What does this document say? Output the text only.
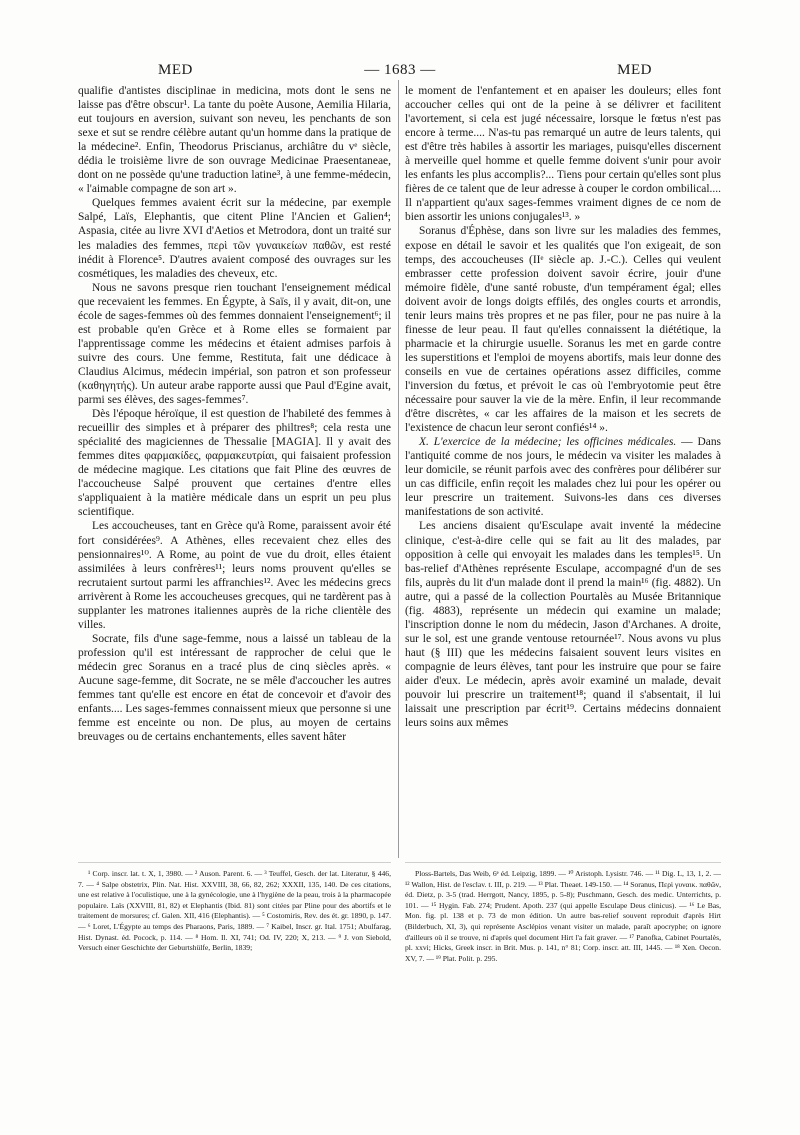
MED	— 1683 —	MED

qualifie d'antistes disciplinae in medicina, mots dont le sens ne laisse pas d'être obscur¹. La tante du poète Ausone, Aemilia Hilaria, eut toujours en aversion, suivant son neveu, les penchants de son sexe et sut se rendre célèbre autant qu'un homme dans la pratique de la médecine². Enfin, Theodorus Priscianus, archiâtre du vᵉ siècle, dédia le troisième livre de son ouvrage Medicinae Praesentaneae, dont on ne possède qu'une traduction latine³, à une femme-médecin, « l'aimable compagne de son art ».

Quelques femmes avaient écrit sur la médecine, par exemple Salpé, Laïs, Elephantis, que citent Pline l'Ancien et Galien⁴; Aspasia, citée au livre XVI d'Aetios et Metrodora, dont un traité sur les maladies des femmes, περὶ τῶν γυναικείων παθῶν, est resté inédit à Florence⁵. D'autres avaient composé des ouvrages sur les cosmétiques, les maladies des cheveux, etc.

Nous ne savons presque rien touchant l'enseignement médical que recevaient les femmes. En Égypte, à Saïs, il y avait, dit-on, une école de sages-femmes où des femmes donnaient l'enseignement⁶; il est probable qu'en Grèce et à Rome elles se formaient par l'apprentissage comme les médecins et étaient admises parfois à suivre des cours. Une femme, Restituta, fait une dédicace à Claudius Alcimus, médecin impérial, son patron et son professeur (καθηγητής). Un auteur arabe rapporte aussi que Paul d'Egine avait, parmi ses élèves, des sages-femmes⁷.

Dès l'époque héroïque, il est question de l'habileté des femmes à recueillir des simples et à préparer des philtres⁸; cela resta une spécialité des magiciennes de Thessalie [MAGIA]. Il y avait des femmes dites φαρμακίδες, φαρμακευτρίαι, qui faisaient profession de médecine magique. Les citations que fait Pline des œuvres de l'accoucheuse Salpé prouvent que certaines d'entre elles s'appliquaient à la matière médicale dans un esprit un peu plus scientifique.

Les accoucheuses, tant en Grèce qu'à Rome, paraissent avoir été fort considérées⁹. A Athènes, elles recevaient chez elles des pensionnaires¹⁰. A Rome, au point de vue du droit, elles étaient assimilées à leurs confrères¹¹; leurs noms prouvent qu'elles se recrutaient surtout parmi les affranchies¹². Avec les médecins grecs arrivèrent à Rome les accoucheuses grecques, qui ne tardèrent pas à supplanter les matrones italiennes auprès de la riche clientèle des villes.

Socrate, fils d'une sage-femme, nous a laissé un tableau de la profession qu'il est intéressant de rapprocher de celui que le médecin grec Soranus en a tracé plus de cinq siècles après. « Aucune sage-femme, dit Socrate, ne se mêle d'accoucher les autres femmes tant qu'elle est encore en état de concevoir et d'avoir des enfants.... Les sages-femmes connaissent mieux que personne si une femme est enceinte ou non. De plus, au moyen de certains breuvages ou de certains enchantements, elles savent hâter

le moment de l'enfantement et en apaiser les douleurs; elles font accoucher celles qui ont de la peine à se délivrer et facilitent l'avortement, si cela est jugé nécessaire, lorsque le fœtus n'est pas encore à terme.... N'as-tu pas remarqué un autre de leurs talents, qui est d'être très habiles à assortir les mariages, puisqu'elles discernent à merveille quel homme et quelle femme doivent s'unir pour avoir les enfants les plus accomplis?... Tiens pour certain qu'elles sont plus fières de ce talent que de leur adresse à couper le cordon ombilical.... Il n'appartient qu'aux sages-femmes vraiment dignes de ce nom de bien assortir les unions conjugales¹³. »

Soranus d'Éphèse, dans son livre sur les maladies des femmes, expose en détail le savoir et les qualités que l'on exigeait, de son temps, des accoucheuses (IIᵉ siècle ap. J.-C.). Celles qui veulent embrasser cette profession doivent savoir écrire, jouir d'une mémoire fidèle, d'une santé robuste, d'un tempérament égal; elles doivent avoir de longs doigts effilés, des ongles courts et arrondis, tenir leurs mains très propres et ne pas filer, pour ne pas nuire à la finesse de leur peau. Il faut qu'elles connaissent la diététique, la pharmacie et la chirurgie usuelle. Soranus les met en garde contre les superstitions et l'emploi de moyens abortifs, mais leur donne des conseils en vue de certaines opérations assez difficiles, comme l'inversion du fœtus, et prévoit le cas où l'embryotomie peut être nécessaire pour sauver la vie de la mère. Enfin, il leur recommande d'être discrètes, « car les affaires de la maison et les secrets de l'existence de chacun leur seront confiés¹⁴ ».

X. L'exercice de la médecine; les officines médicales. — Dans l'antiquité comme de nos jours, le médecin va visiter les malades à leur domicile, se réunit parfois avec des confrères pour délibérer sur un cas difficile, enfin reçoit les malades chez lui pour les opérer ou leur prescrire un traitement. Suivons-les dans ces diverses manifestations de son activité.

Les anciens disaient qu'Esculape avait inventé la médecine clinique, c'est-à-dire celle qui se fait au lit des malades, par opposition à celle qui envoyait les malades dans les temples¹⁵. Un bas-relief d'Athènes représente Esculape, accompagné d'un de ses fils, auprès du lit d'un malade dont il prend la main¹⁶ (fig. 4882). Un autre, qui a passé de la collection Pourtalès au Musée Britannique (fig. 4883), représente un médecin qui examine un malade; l'inscription donne le nom du médecin, Jason d'Archanes. A droite, sur le sol, est une grande ventouse retournée¹⁷. Nous avons vu plus haut (§ III) que les médecins faisaient souvent leurs visites en compagnie de leurs élèves, tant pour les instruire que pour se faire aider d'eux. Le médecin, après avoir examiné un malade, devait pouvoir lui prescrire un traitement¹⁸; quand il s'absentait, il lui laissait une prescription par écrit¹⁹. Certains médecins donnaient leurs soins aux mêmes

¹ Corp. inscr. lat. t. X, 1, 3980. — ² Auson. Parent. 6. — ³ Teuffel, Gesch. der lat. Literatur, § 446, 7. — ⁴ Salpe obstetrix, Plin. Nat. Hist. XXVIII, 38, 66, 82, 262; XXXII, 135, 140. De ces citations, une est relative à l'oculistique, une à la gynécologie, une à l'hygiène de la peau, trois à la pharmacopée populaire. Laïs (XXVIII, 81, 82) et Elephantis (Ibid. 81) sont citées par Pline pour des abortifs et le traitement de morsures; cf. Galen. XII, 416 (Elephantis). — ⁵ Costomiris, Rev. des ét. gr. 1890, p. 147. — ⁶ Loret, L'Égypte au temps des Pharaons, Paris, 1889. — ⁷ Kaibel, Inscr. gr. Ital. 1751; Abulfarag, Hist. Dynast. éd. Pocock, p. 114. — ⁸ Hom. Il. XI, 741; Od. IV, 220; X, 213. — ⁹ J. von Siebold, Versuch einer Geschichte der Geburtshülfe, Berlin, 1839;

Ploss-Bartels, Das Weib, 6ᵉ éd. Leipzig, 1899. — ¹⁰ Aristoph. Lysistr. 746. — ¹¹ Dig. L, 13, 1, 2. — ¹² Wallon, Hist. de l'esclav. t. III, p. 219. — ¹³ Plat. Theaet. 149-150. — ¹⁴ Soranus, Περὶ γυναικ. παθῶν, éd. Dietz, p. 3-5 (trad. Herrgott, Nancy, 1895, p. 5-8); Puschmann, Gesch. des medic. Unterrichts, p. 101. — ¹⁵ Hygin. Fab. 274; Prudent. Apoth. 237 (qui appelle Esculape Deus clinicus). — ¹⁶ Le Bas, Mon. fig. pl. 138 et p. 73 de mon édition. Un autre bas-relief souvent reproduit d'après Hirt (Bilderbuch, XI, 3), qui représente Asclépios venant visiter un malade, paraît apocryphe; on ignore d'ailleurs où il se trouve, ni d'après quel document Hirt l'a fait graver. — ¹⁷ Panofka, Cabinet Pourtalès, pl. xxvi; Hicks, Greek inscr. in Brit. Mus. p. 141, n° 81; Corp. inscr. att. III, 1445. — ¹⁸ Xen. Oecon. XV, 7. — ¹⁹ Plat. Polit. p. 295.
